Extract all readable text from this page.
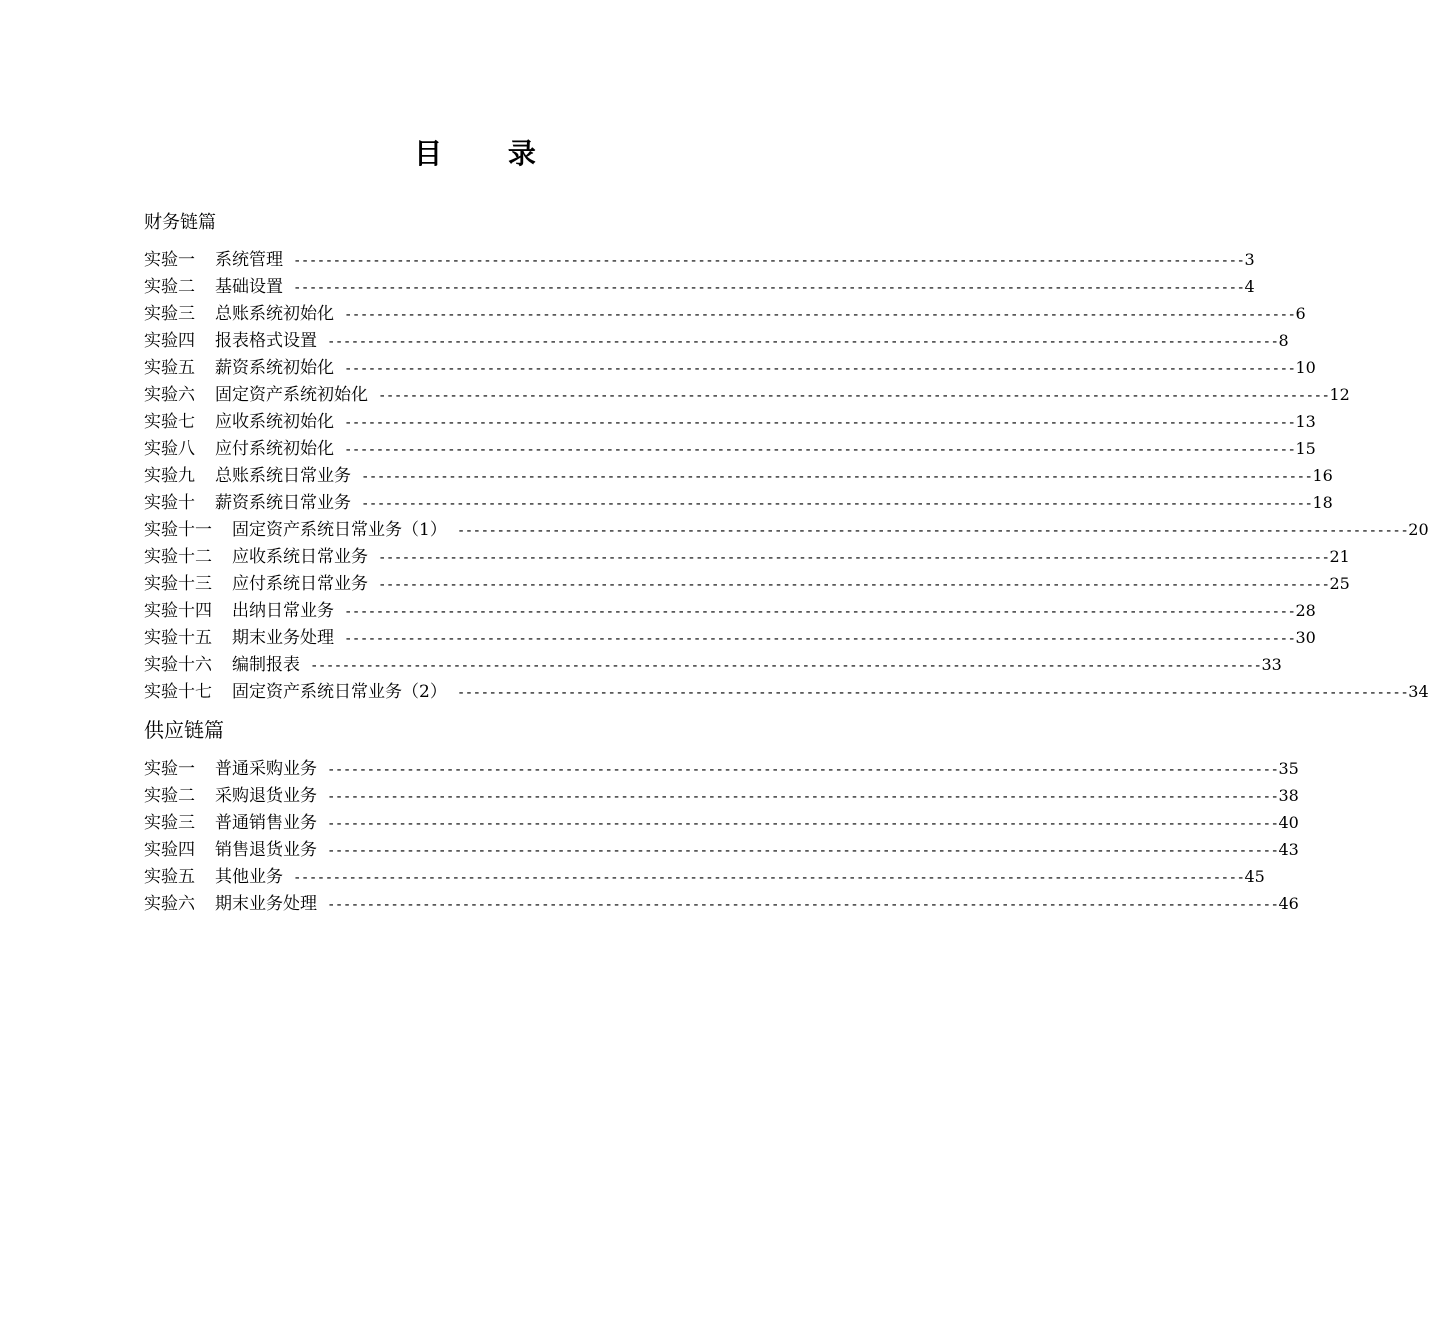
目 录
财务链篇
实验一 系统管理 ------------------------------------------------------------------------------------------------------------------------ 3
实验二 基础设置 ------------------------------------------------------------------------------------------------------------------------ 4
实验三 总账系统初始化 ------------------------------------------------------------------------------------------------------------------------ 6
实验四 报表格式设置 ------------------------------------------------------------------------------------------------------------------------ 8
实验五 薪资系统初始化 ------------------------------------------------------------------------------------------------------------------------ 10
实验六 固定资产系统初始化 ------------------------------------------------------------------------------------------------------------------------ 12
实验七 应收系统初始化 ------------------------------------------------------------------------------------------------------------------------ 13
实验八 应付系统初始化 ------------------------------------------------------------------------------------------------------------------------ 15
实验九 总账系统日常业务 ------------------------------------------------------------------------------------------------------------------------ 16
实验十 薪资系统日常业务 ------------------------------------------------------------------------------------------------------------------------ 18
实验十一 固定资产系统日常业务（1） ------------------------------------------------------------------------------------------------------------------------ 20
实验十二 应收系统日常业务 ------------------------------------------------------------------------------------------------------------------------ 21
实验十三 应付系统日常业务 ------------------------------------------------------------------------------------------------------------------------ 25
实验十四 出纳日常业务 ------------------------------------------------------------------------------------------------------------------------ 28
实验十五 期末业务处理 ------------------------------------------------------------------------------------------------------------------------ 30
实验十六 编制报表 ------------------------------------------------------------------------------------------------------------------------ 33
实验十七 固定资产系统日常业务（2） ------------------------------------------------------------------------------------------------------------------------ 34
供应链篇
实验一 普通采购业务 ------------------------------------------------------------------------------------------------------------------------ 35
实验二 采购退货业务 ------------------------------------------------------------------------------------------------------------------------ 38
实验三 普通销售业务 ------------------------------------------------------------------------------------------------------------------------ 40
实验四 销售退货业务 ------------------------------------------------------------------------------------------------------------------------ 43
实验五 其他业务 ------------------------------------------------------------------------------------------------------------------------ 45
实验六 期末业务处理 ------------------------------------------------------------------------------------------------------------------------ 46
